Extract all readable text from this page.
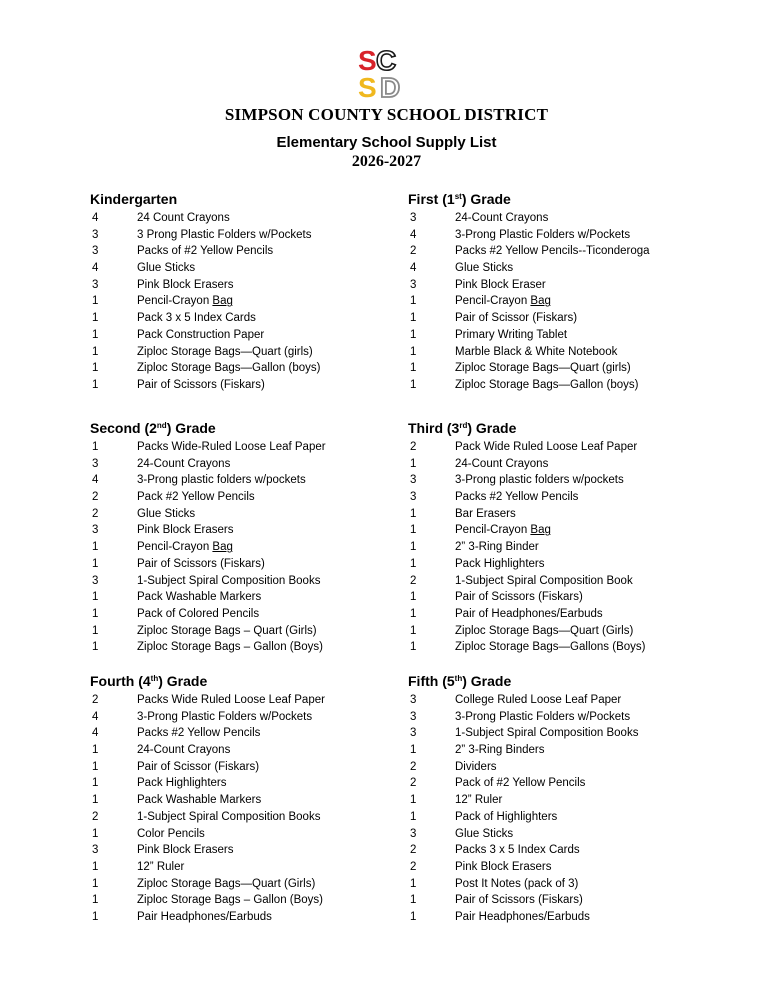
S C
S D
SIMPSON COUNTY SCHOOL DISTRICT
Elementary School Supply List
2026-2027
Kindergarten
4	24 Count Crayons
3	3 Prong Plastic Folders w/Pockets
3	Packs of #2 Yellow Pencils
4	Glue Sticks
3	Pink Block Erasers
1	Pencil-Crayon Bag
1	Pack 3 x 5 Index Cards
1	Pack Construction Paper
1	Ziploc Storage Bags—Quart (girls)
1	Ziploc Storage Bags—Gallon (boys)
1	Pair of Scissors (Fiskars)
First (1st) Grade
3	24-Count Crayons
4	3-Prong Plastic Folders w/Pockets
2	Packs #2 Yellow Pencils--Ticonderoga
4	Glue Sticks
3	Pink Block Eraser
1	Pencil-Crayon Bag
1	Pair of Scissor (Fiskars)
1	Primary Writing Tablet
1	Marble Black & White Notebook
1	Ziploc Storage Bags—Quart (girls)
1	Ziploc Storage Bags—Gallon (boys)
Second (2nd) Grade
1	Packs Wide-Ruled Loose Leaf Paper
3	24-Count Crayons
4	3-Prong plastic folders w/pockets
2	Pack #2 Yellow Pencils
2	Glue Sticks
3	Pink Block Erasers
1	Pencil-Crayon Bag
1	Pair of Scissors (Fiskars)
3	1-Subject Spiral Composition Books
1	Pack Washable Markers
1	Pack of Colored Pencils
1	Ziploc Storage Bags – Quart (Girls)
1	Ziploc Storage Bags – Gallon (Boys)
Third (3rd) Grade
2	Pack Wide Ruled Loose Leaf Paper
1	24-Count Crayons
3	3-Prong plastic folders w/pockets
3	Packs #2 Yellow Pencils
1	Bar Erasers
1	Pencil-Crayon Bag
1	2” 3-Ring Binder
1	Pack Highlighters
2	1-Subject Spiral Composition Book
1	Pair of Scissors (Fiskars)
1	Pair of Headphones/Earbuds
1	Ziploc Storage Bags—Quart (Girls)
1	Ziploc Storage Bags—Gallons (Boys)
Fourth (4th) Grade
2	Packs Wide Ruled Loose Leaf Paper
4	3-Prong Plastic Folders w/Pockets
4	Packs #2 Yellow Pencils
1	24-Count Crayons
1	Pair of Scissor (Fiskars)
1	Pack Highlighters
1	Pack Washable Markers
2	1-Subject Spiral Composition Books
1	Color Pencils
3	Pink Block Erasers
1	12” Ruler
1	Ziploc Storage Bags—Quart (Girls)
1	Ziploc Storage Bags – Gallon (Boys)
1	Pair Headphones/Earbuds
Fifth (5th) Grade
3	College Ruled Loose Leaf Paper
3	3-Prong Plastic Folders w/Pockets
3	1-Subject Spiral Composition Books
1	2” 3-Ring Binders
2	Dividers
2	Pack of #2 Yellow Pencils
1	12” Ruler
1	Pack of Highlighters
3	Glue Sticks
2	Packs 3 x 5 Index Cards
2	Pink Block Erasers
1	Post It Notes (pack of 3)
1	Pair of Scissors (Fiskars)
1	Pair Headphones/Earbuds
